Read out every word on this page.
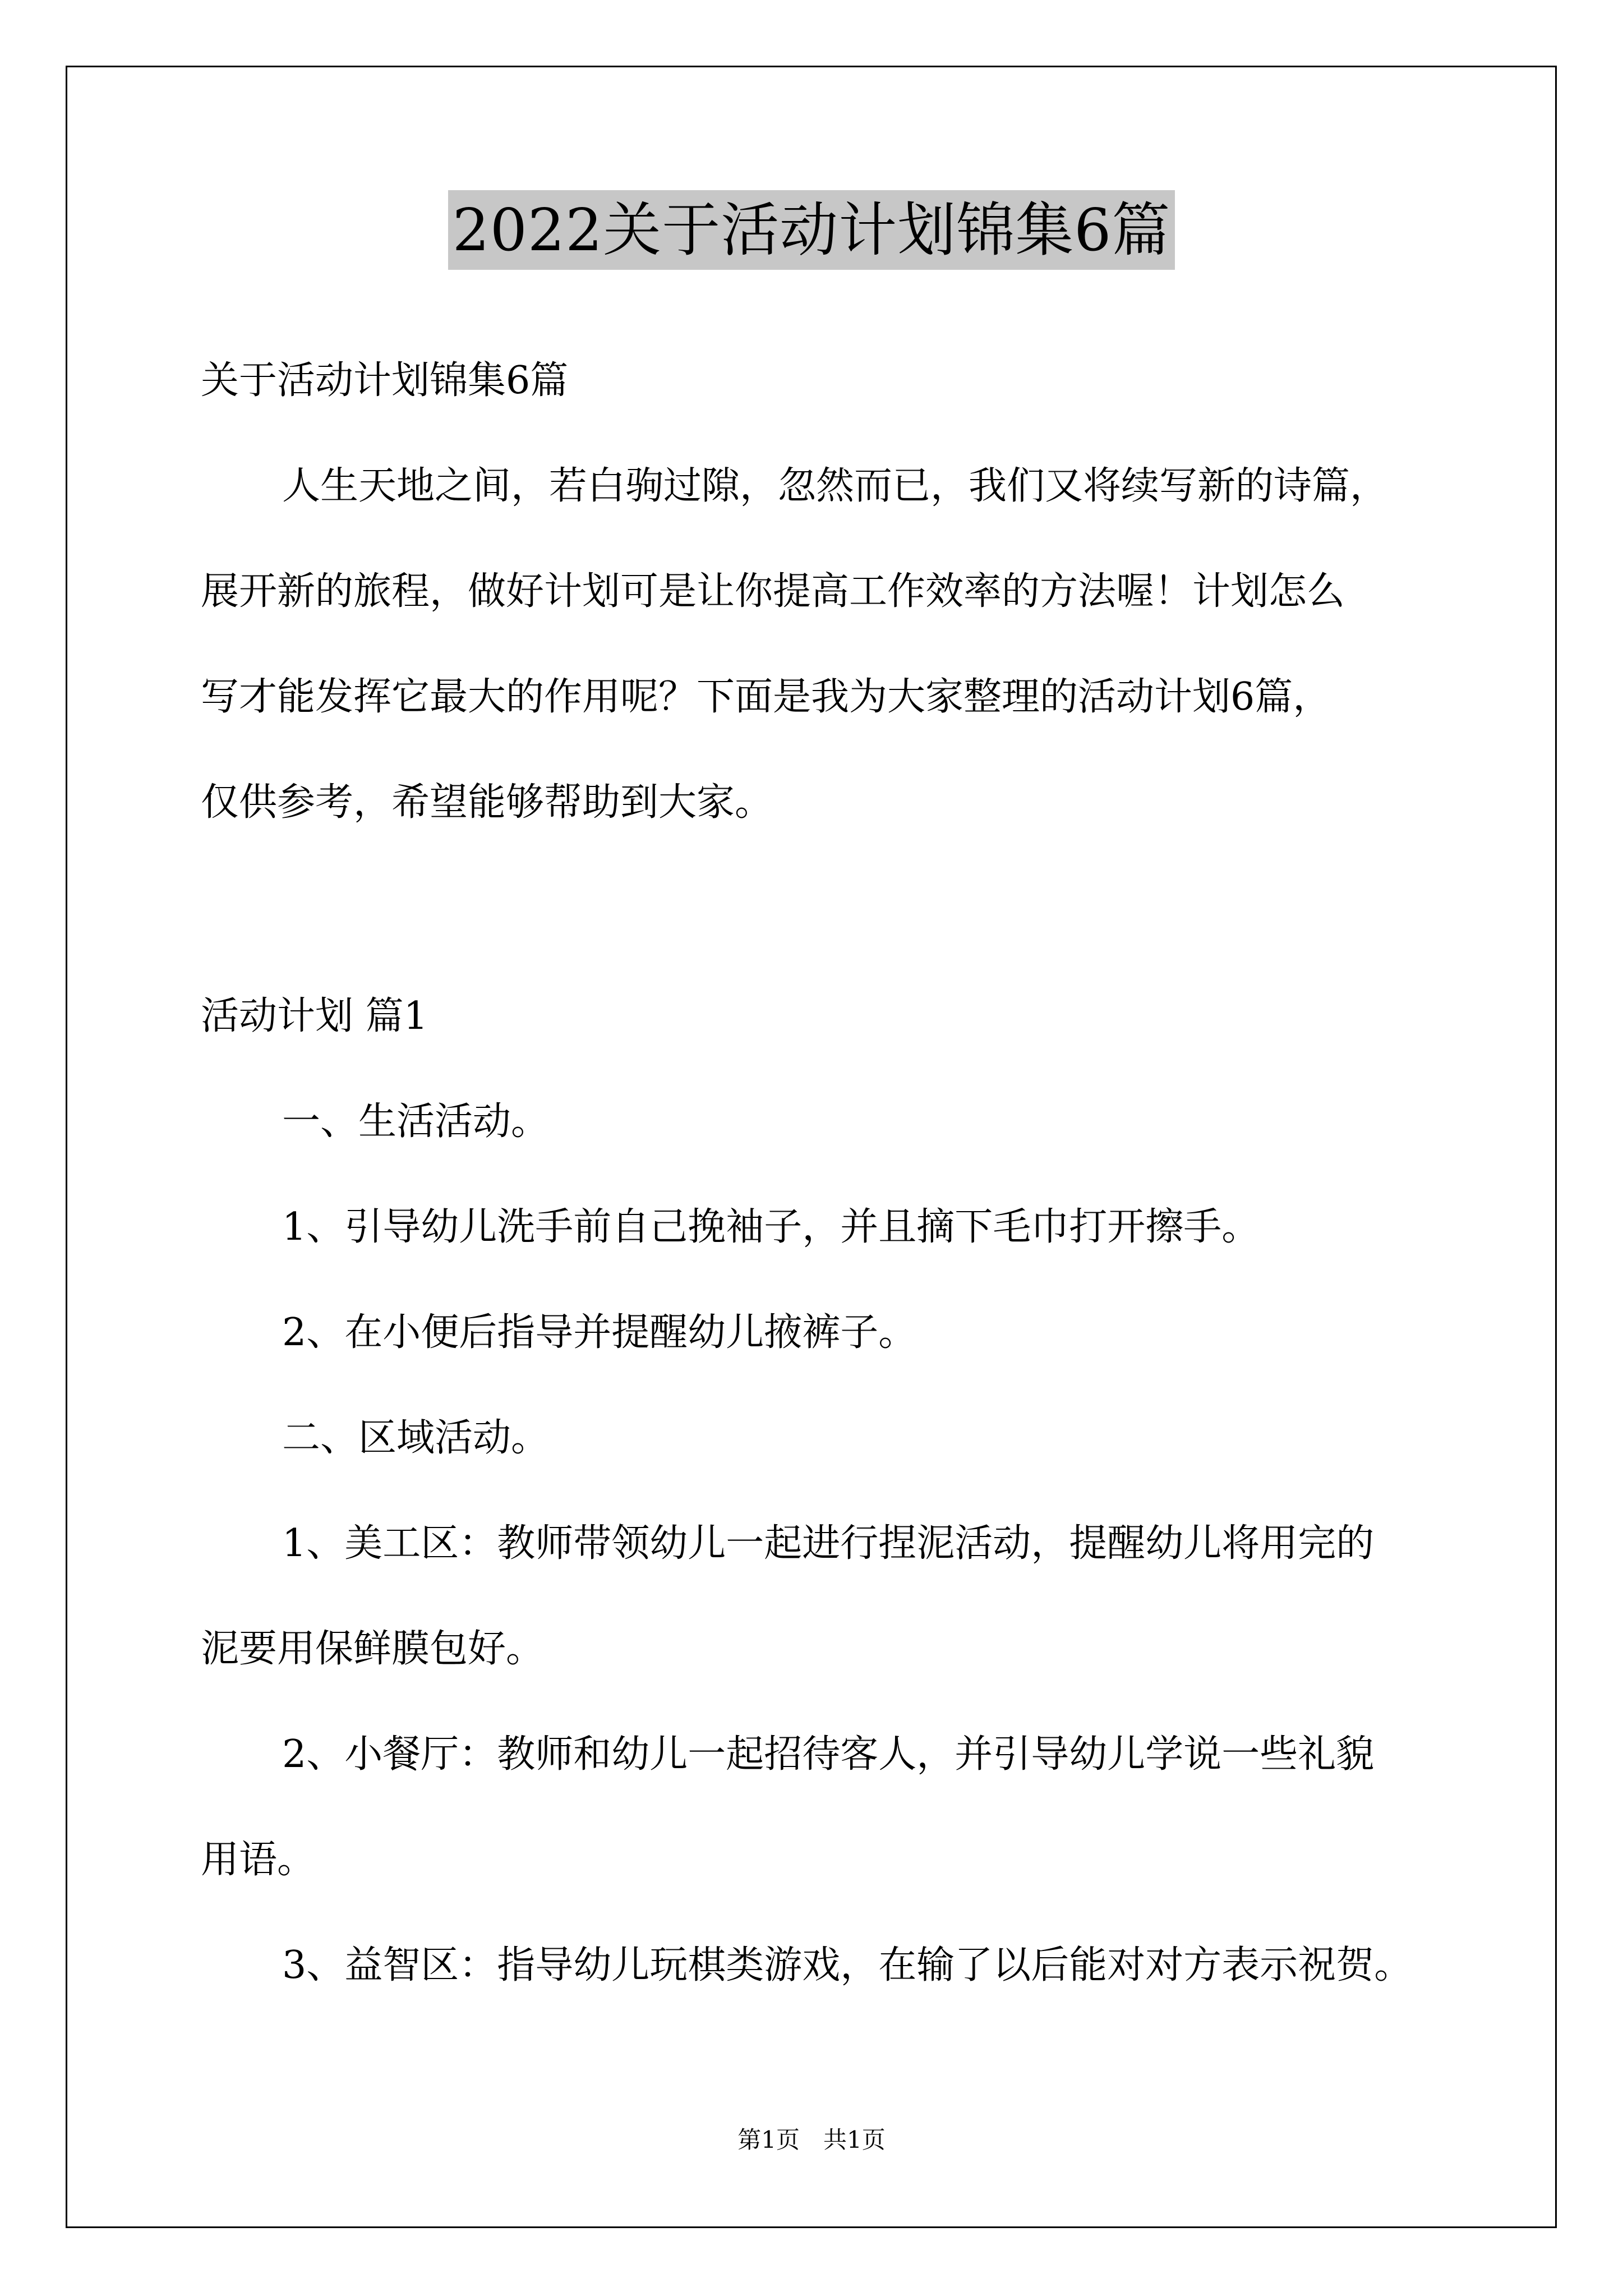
2022关于活动计划锦集6篇
关于活动计划锦集6篇
人生天地之间，若白驹过隙，忽然而已，我们又将续写新的诗篇，
展开新的旅程，做好计划可是让你提高工作效率的方法喔！计划怎么
写才能发挥它最大的作用呢？下面是我为大家整理的活动计划6篇，
仅供参考，希望能够帮助到大家。
活动计划 篇1
一、生活活动。
1、引导幼儿洗手前自己挽袖子，并且摘下毛巾打开擦手。
2、在小便后指导并提醒幼儿掖裤子。
二、区域活动。
1、美工区：教师带领幼儿一起进行捏泥活动，提醒幼儿将用完的
泥要用保鲜膜包好。
2、小餐厅：教师和幼儿一起招待客人，并引导幼儿学说一些礼貌
用语。
3、益智区：指导幼儿玩棋类游戏，在输了以后能对对方表示祝贺。
第1页　共1页
